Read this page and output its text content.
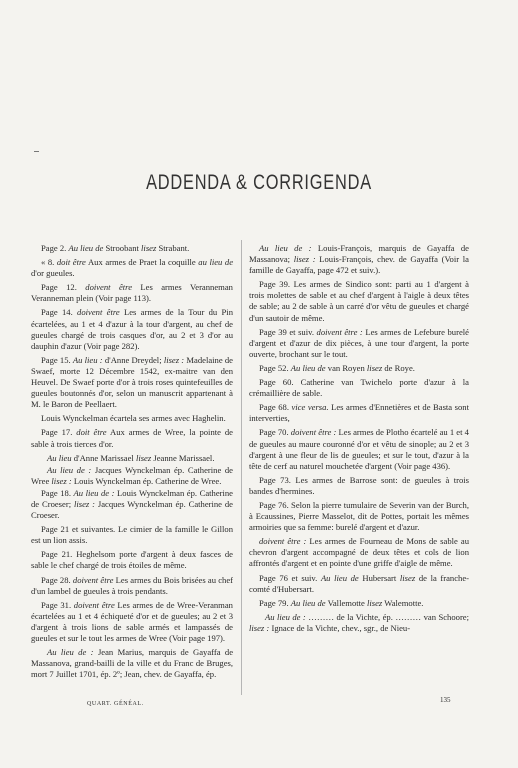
ADDENDA & CORRIGENDA

Page 2. Au lieu de Stroobant lisez Strabant.

« 8. doit être Aux armes de Praet la coquille au lieu de d'or gueules.

Page 12. doivent être Les armes Veranneman Veranneman plein (Voir page 113).

Page 14. doivent être Les armes de la Tour du Pin écartelées, au 1 et 4 d'azur à la tour d'argent, au chef de gueules chargé de trois casques d'or, au 2 et 3 d'or au dauphin d'azur (Voir page 282).

Page 15. Au lieu : d'Anne Dreydel; lisez : Madelaine de Swaef, morte 12 Décembre 1542, ex-maitre van den Heuvel. De Swaef porte d'or à trois roses quintefeuilles de gueules boutonnés d'or, selon un manuscrit appartenant à M. le Baron de Peellaert.

Louis Wynckelman écartela ses armes avec Haghelin.

Page 17. doit être Aux armes de Wree, la pointe de sable à trois tierces d'or.

Au lieu d'Anne Marissael lisez Jeanne Marissael.

Au lieu de : Jacques Wynckelman ép. Catherine de Wree lisez : Louis Wynckelman ép. Catherine de Wree.

Page 18. Au lieu de : Louis Wynckelman ép. Catherine de Croeser; lisez : Jacques Wynckelman ép. Catherine de Croeser.

Page 21 et suivantes. Le cimier de la famille le Gillon est un lion assis.

Page 21. Heghelsom porte d'argent à deux fasces de sable le chef chargé de trois étoiles de même.

Page 28. doivent être Les armes du Bois brisées au chef d'un lambel de gueules à trois pendants.

Page 31. doivent être Les armes de de Wree-Veranman écartelées au 1 et 4 échiqueté d'or et de gueules; au 2 et 3 d'argent à trois lions de sable armés et lampassés de gueules et sur le tout les armes de Wree (Voir page 197).

Au lieu de : Jean Marius, marquis de Gayaffa de Massanova, grand-bailli de la ville et du Franc de Bruges, mort 7 Juillet 1701, ép. 2º; Jean, chev. de Gayaffa, ép.

Au lieu de : Louis-François, marquis de Gayaffa de Massanova; lisez : Louis-François, chev. de Gayaffa (Voir la famille de Gayaffa, page 472 et suiv.).

Page 39. Les armes de Sindico sont: parti au 1 d'argent à trois molettes de sable et au chef d'argent à l'aigle à deux têtes de sable; au 2 de sable à un carré d'or vêtu de gueules et chargé d'un sautoir de même.

Page 39 et suiv. doivent être : Les armes de Lefebure burelé d'argent et d'azur de dix pièces, à une tour d'argent, la porte ouverte, brochant sur le tout.

Page 52. Au lieu de van Royen lisez de Roye.

Page 60. Catherine van Twichelo porte d'azur à la crémaillière de sable.

Page 68. vice versa. Les armes d'Ennetières et de Basta sont interverties,

Page 70. doivent être : Les armes de Plotho écartelé au 1 et 4 de gueules au maure couronné d'or et vêtu de sinople; au 2 et 3 d'argent à une fleur de lis de gueules; et sur le tout, d'azur à la tête de cerf au naturel mouchetée d'argent (Voir page 436).

Page 73. Les armes de Barrose sont: de gueules à trois bandes d'hermines.

Page 76. Selon la pierre tumulaire de Severin van der Burch, à Ecaussines, Pierre Masselot, dit de Pottes, portait les mêmes armoiries que sa femme: burelé d'argent et d'azur.

doivent être : Les armes de Fourneau de Mons de sable au chevron d'argent accompagné de deux têtes et cols de lion affrontés d'argent et en pointe d'une griffe d'aigle de même.

Page 76 et suiv. Au lieu de Hubersart lisez de la franche-comté d'Hubersart.

Page 79. Au lieu de Vallemotte lisez Walemotte.

Au lieu de : ……… de la Vichte, ép. ……… van Schoore; lisez : Ignace de la Vichte, chev., sgr., de Nieu-

QUART. GÉNÉAL.	135
